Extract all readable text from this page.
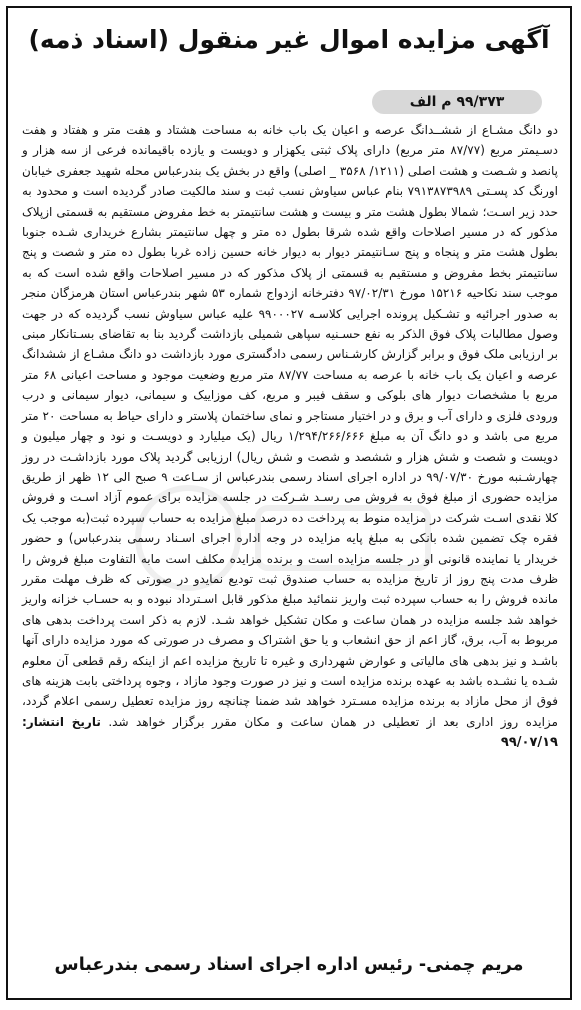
آگهی مزایده اموال غیر منقول (اسناد ذمه)
۹۹/۳۷۳ م الف
دو دانگ مشـاع از ششــدانگ عرصه و اعیان یک باب خانه به مساحت هشتاد و هفت متر و هفتاد و هفت دسـیمتر مربع (۸۷/۷۷ متر مربع) دارای پلاک ثبتی یکهزار و دویست و یازده باقیمانده فرعی از سه هزار و پانصد و شـصت و هشت اصلی (۱۲۱۱/ ۳۵۶۸ _ اصلی) واقع در بخش یک بندرعباس محله شهید جعفری خیابان اورنگ کد پسـتی ۷۹۱۳۸۷۳۹۸۹ بنام عباس سیاوش نسب ثبت و سند مالکیت صادر گردیده است و محدود به حدد زیر اسـت؛ شمالا بطول هشت متر و بیست و هشت سانتیمتر به خط مفروض مستقیم به قسمتی ازپلاک مذکور که در مسیر اصلاحات واقع شده شرقا بطول ده متر و چهل سانتیمتر بشارع خریداری شـده جنوبا بطول هشت متر و پنجاه و پنج سـانتیمتر دیوار به دیوار خانه حسین زاده غربا بطول ده متر و شصت و پنج سانتیمتر بخط مفروض و مستقیم به قسمتی از پلاک مذکور که در مسیر اصلاحات واقع شده است که به موجب سند نکاحیه ۱۵۲۱۶ مورخ ۹۷/۰۲/۳۱ دفترخانه ازدواج شماره ۵۳ شهر بندرعباس استان هرمزگان منجر به صدور اجرائیه و تشـکیل پرونده اجرایی کلاسـه ۹۹۰۰۰۲۷ علیه عباس سیاوش نسب گردیده که در جهت وصول مطالبات پلاک فوق الذکر به نفع حسـنیه سپاهی شمیلی بازداشت گردید بنا به تقاضای بسـتانکار مبنی بر ارزیابی ملک فوق و برابر گزارش کارشـناس رسمی دادگستری مورد بازداشت دو دانگ مشـاع از ششدانگ عرصه و اعیان یک باب خانه با عرصه به مساحت ۸۷/۷۷ متر مربع وضعیت موجود و مساحت اعیانی ۶۸ متر مربع با مشخصات دیوار های بلوکی و سقف فیبر و مربع، کف موزاییک و سیمانی، دیوار سیمانی و درب ورودی فلزی و دارای آب و برق و در اختیار مستاجر و نمای ساختمان پلاستر و دارای حیاط به مساحت ۲۰ متر مربع می باشد و دو دانگ آن به مبلغ ۱/۲۹۴/۲۶۶/۶۶۶ ریال (یک میلیارد و دویسـت و نود و چهار میلیون و دویست و شصت و شش هزار و ششصد و شصت و شش ریال) ارزیابی گردید پلاک مورد بازداشـت در روز چهارشـنبه مورخ ۹۹/۰۷/۳۰ در اداره اجرای اسناد رسمی بندرعباس از سـاعت ۹ صبح الی ۱۲ ظهر از طریق مزایده حضوری از مبلغ فوق به فروش می رسـد شـرکت در جلسه مزایده برای عموم آزاد اسـت و فروش کلا نقدی اسـت شرکت در مزایده منوط به پرداخت ده درصد مبلغ مزایده به حساب سپرده ثبت(به موجب یک فقره چک تضمین شده بانکی به مبلغ پایه مزایده در وجه اداره اجرای اسـناد رسمی بندرعباس) و حضور خریدار یا نماینده قانونی او در جلسه مزایده است و برنده مزایده مکلف است مابه التفاوت مبلغ فروش را ظرف مدت پنج روز از تاریخ مزایده به حساب صندوق ثبت تودیع نمایدو در صورتی که ظرف مهلت مقرر مانده فروش را به حساب سپرده ثبت واریز ننمائید مبلغ مذکور قابل اسـترداد نبوده و به حسـاب خزانه واریز خواهد شد جلسه مزایده در همان ساعت و مکان تشکیل خواهد شـد. لازم به ذکر است پرداخت بدهی های مربوط به آب، برق، گاز اعم از حق انشعاب و یا حق اشتراک و مصرف در صورتی که مورد مزایده دارای آنها باشـد و نیز بدهی های مالیاتی و عوارض شهرداری و غیره تا تاریخ مزایده اعم از اینکه رقم قطعی آن معلوم شـده یا نشـده باشد به عهده برنده مزایده است و نیز در صورت وجود مازاد ، وجوه پرداختی بابت هزینه های فوق از محل مازاد به برنده مزایده مسـترد خواهد شد ضمنا چنانچه روز مزایده تعطیل رسمی اعلام گردد، مزایده روز اداری بعد از تعطیلی در همان ساعت و مکان مقرر برگزار خواهد شد. تاریخ انتشار: ۹۹/۰۷/۱۹
مریم چمنی- رئیس اداره اجرای اسناد رسمی بندرعباس
